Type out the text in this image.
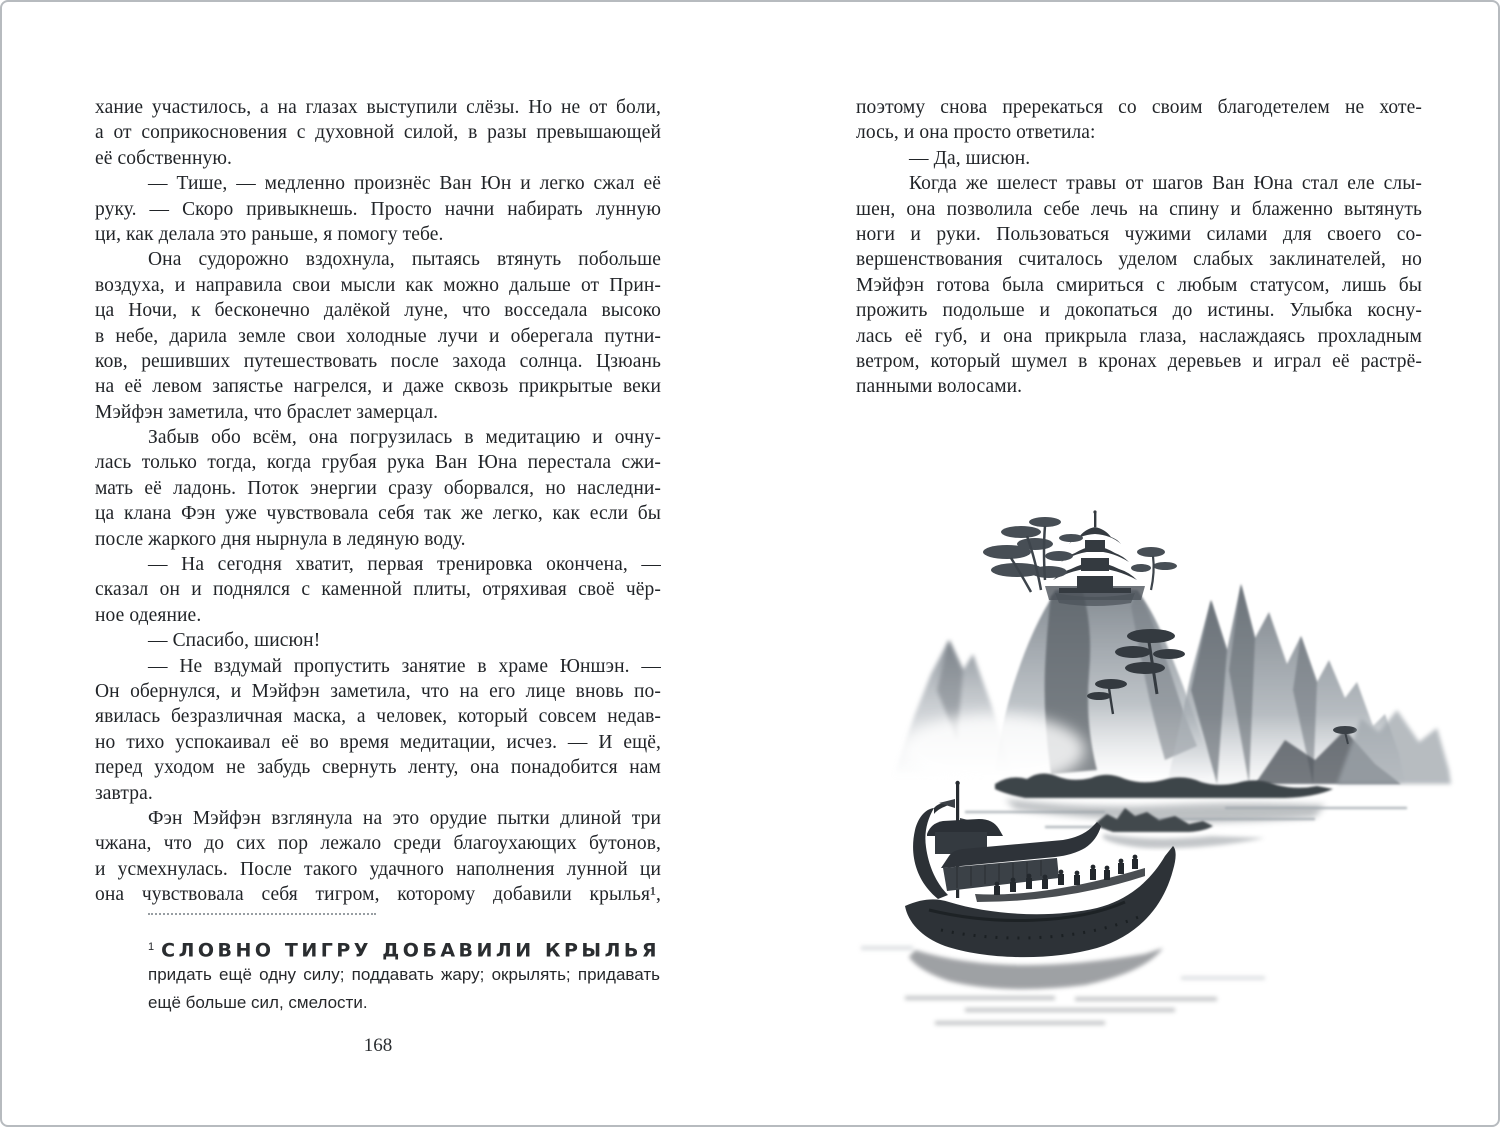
хание участилось, а на глазах выступили слёзы. Но не от боли,
а от соприкосновения с духовной силой, в разы превышающей
её собственную.
— Тише, — медленно произнёс Ван Юн и легко сжал её
руку. — Скоро привыкнешь. Просто начни набирать лунную
ци, как делала это раньше, я помогу тебе.
Она судорожно вздохнула, пытаясь втянуть побольше
воздуха, и направила свои мысли как можно дальше от Прин-
ца Ночи, к бесконечно далёкой луне, что восседала высоко
в небе, дарила земле свои холодные лучи и оберегала путни-
ков, решивших путешествовать после захода солнца. Цзюань
на её левом запястье нагрелся, и даже сквозь прикрытые веки
Мэйфэн заметила, что браслет замерцал.
Забыв обо всём, она погрузилась в медитацию и очну-
лась только тогда, когда грубая рука Ван Юна перестала сжи-
мать её ладонь. Поток энергии сразу оборвался, но наследни-
ца клана Фэн уже чувствовала себя так же легко, как если бы
после жаркого дня нырнула в ледяную воду.
— На сегодня хватит, первая тренировка окончена, —
сказал он и поднялся с каменной плиты, отряхивая своё чёр-
ное одеяние.
— Спасибо, шисюн!
— Не вздумай пропустить занятие в храме Юншэн. —
Он обернулся, и Мэйфэн заметила, что на его лице вновь по-
явилась безразличная маска, а человек, который совсем недав-
но тихо успокаивал её во время медитации, исчез. — И ещё,
перед уходом не забудь свернуть ленту, она понадобится нам
завтра.
Фэн Мэйфэн взглянула на это орудие пытки длиной три
чжана, что до сих пор лежало среди благоухающих бутонов,
и усмехнулась. После такого удачного наполнения лунной ци
она чувствовала себя тигром, которому добавили крылья¹,
$^1$ СЛОВНО ТИГРУ ДОБАВИЛИ КРЫЛЬЯ
придать ещё одну силу; поддавать жару; окрылять; придавать
ещё больше сил, смелости.
168
поэтому снова пререкаться со своим благодетелем не хоте-
лось, и она просто ответила:
— Да, шисюн.
Когда же шелест травы от шагов Ван Юна стал еле слы-
шен, она позволила себе лечь на спину и блаженно вытянуть
ноги и руки. Пользоваться чужими силами для своего со-
вершенствования считалось уделом слабых заклинателей, но
Мэйфэн готова была смириться с любым статусом, лишь бы
прожить подольше и докопаться до истины. Улыбка косну-
лась её губ, и она прикрыла глаза, наслаждаясь прохладным
ветром, который шумел в кронах деревьев и играл её растрё-
панными волосами.
